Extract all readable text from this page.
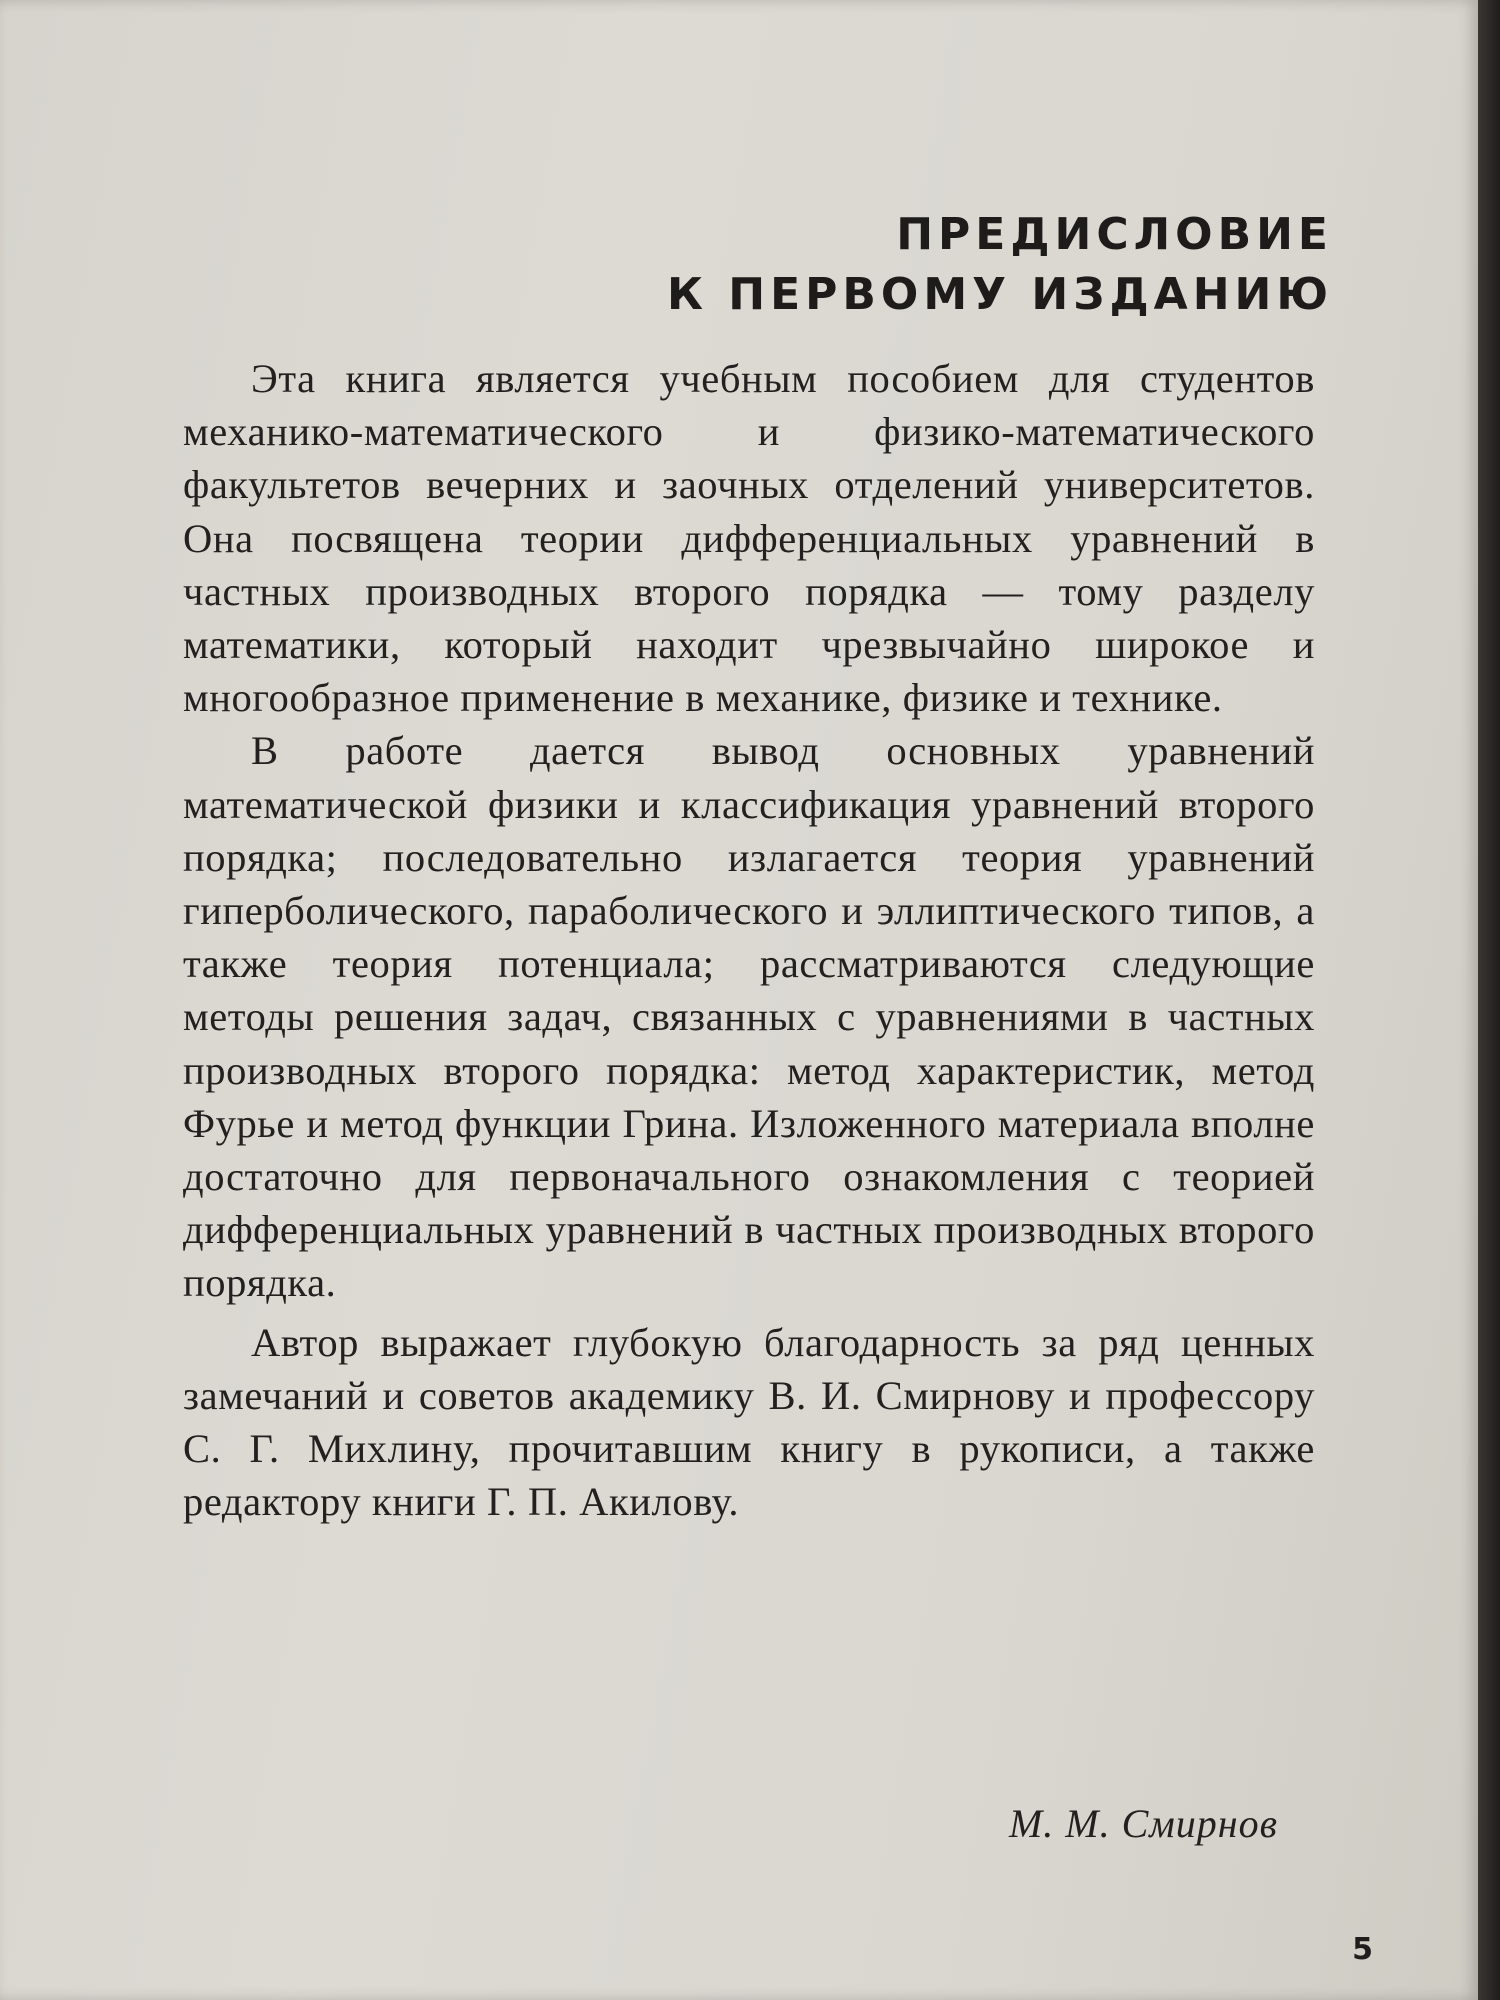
ПРЕДИСЛОВИЕ
К ПЕРВОМУ ИЗДАНИЮ

Эта книга является учебным пособием для студентов механико-математического и физико-математического факультетов вечерних и заочных отделений университетов. Она посвящена теории дифференциальных уравнений в частных производных второго порядка — тому разделу математики, который находит чрезвычайно широкое и многообразное применение в механике, физике и технике.

В работе дается вывод основных уравнений математической физики и классификация уравнений второго порядка; последовательно излагается теория уравнений гиперболического, параболического и эллиптического типов, а также теория потенциала; рассматриваются следующие методы решения задач, связанных с уравнениями в частных производных второго порядка: метод характеристик, метод Фурье и метод функции Грина. Изложенного материала вполне достаточно для первоначального ознакомления с теорией дифференциальных уравнений в частных производных второго порядка.

Автор выражает глубокую благодарность за ряд ценных замечаний и советов академику В. И. Смирнову и профессору С. Г. Михлину, прочитавшим книгу в рукописи, а также редактору книги Г. П. Акилову.

М. М. Смирнов
5
